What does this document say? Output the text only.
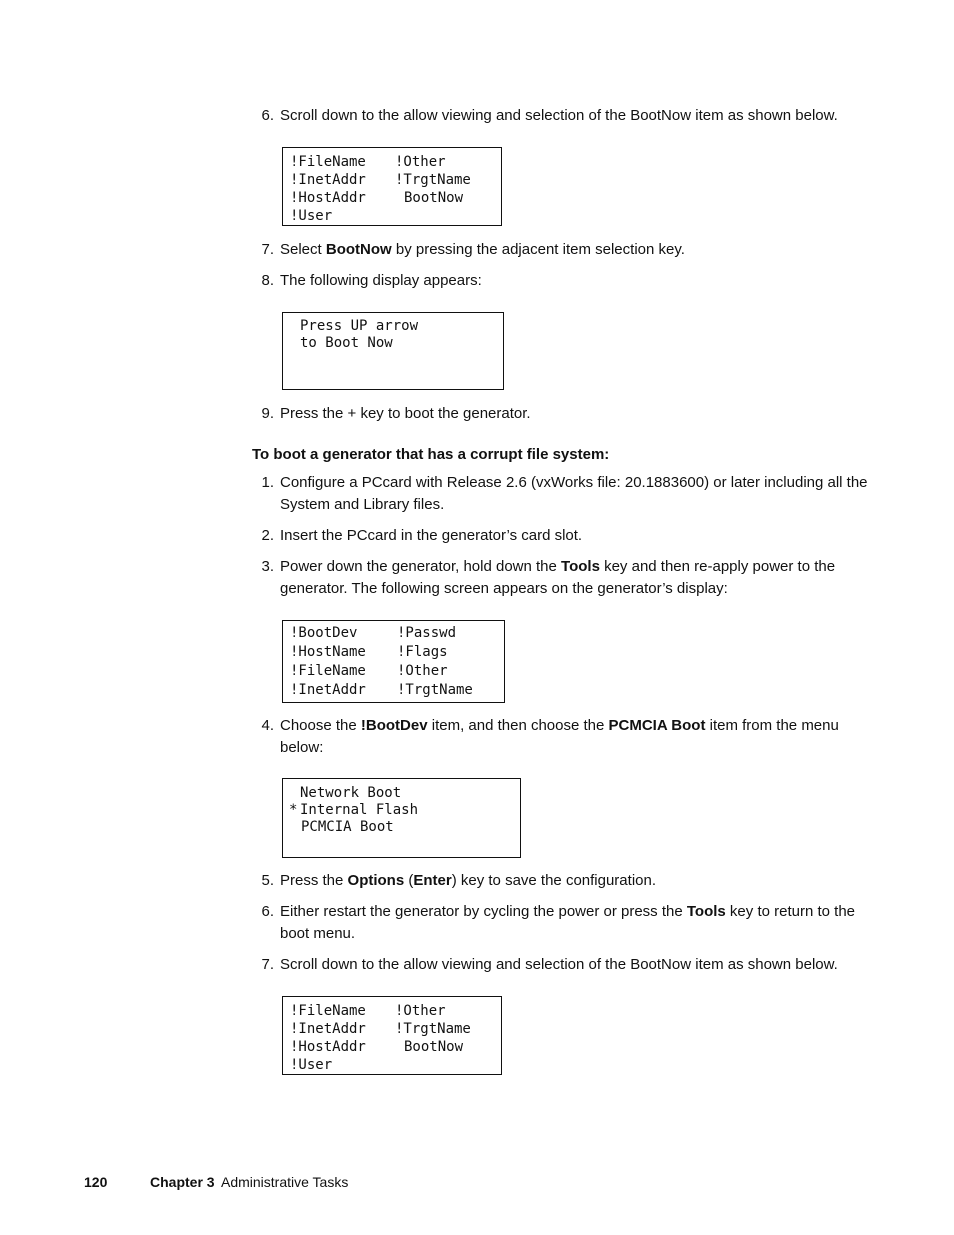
6. Scroll down to the allow viewing and selection of the BootNow item as shown below.
!FileName !Other
!InetAddr !TrgtName
!HostAddr	BootNow
!User
7. Select BootNow by pressing the adjacent item selection key.
8. The following display appears:
Press UP arrow
to Boot Now
9. Press the + key to boot the generator.
To boot a generator that has a corrupt file system:
1. Configure a PCcard with Release 2.6 (vxWorks file: 20.1883600) or later including all the System and Library files.
2. Insert the PCcard in the generator’s card slot.
3. Power down the generator, hold down the Tools key and then re-apply power to the generator. The following screen appears on the generator’s display:
!BootDev	!Passwd
!HostName !Flags
!FileName !Other
!InetAddr !TrgtName
4. Choose the !BootDev item, and then choose the PCMCIA Boot item from the menu below:
Network Boot
* Internal Flash
PCMCIA Boot
5. Press the Options (Enter) key to save the configuration.
6. Either restart the generator by cycling the power or press the Tools key to return to the boot menu.
7. Scroll down to the allow viewing and selection of the BootNow item as shown below.
!FileName !Other
!InetAddr !TrgtName
!HostAddr	BootNow
!User
120	Chapter 3 Administrative Tasks
